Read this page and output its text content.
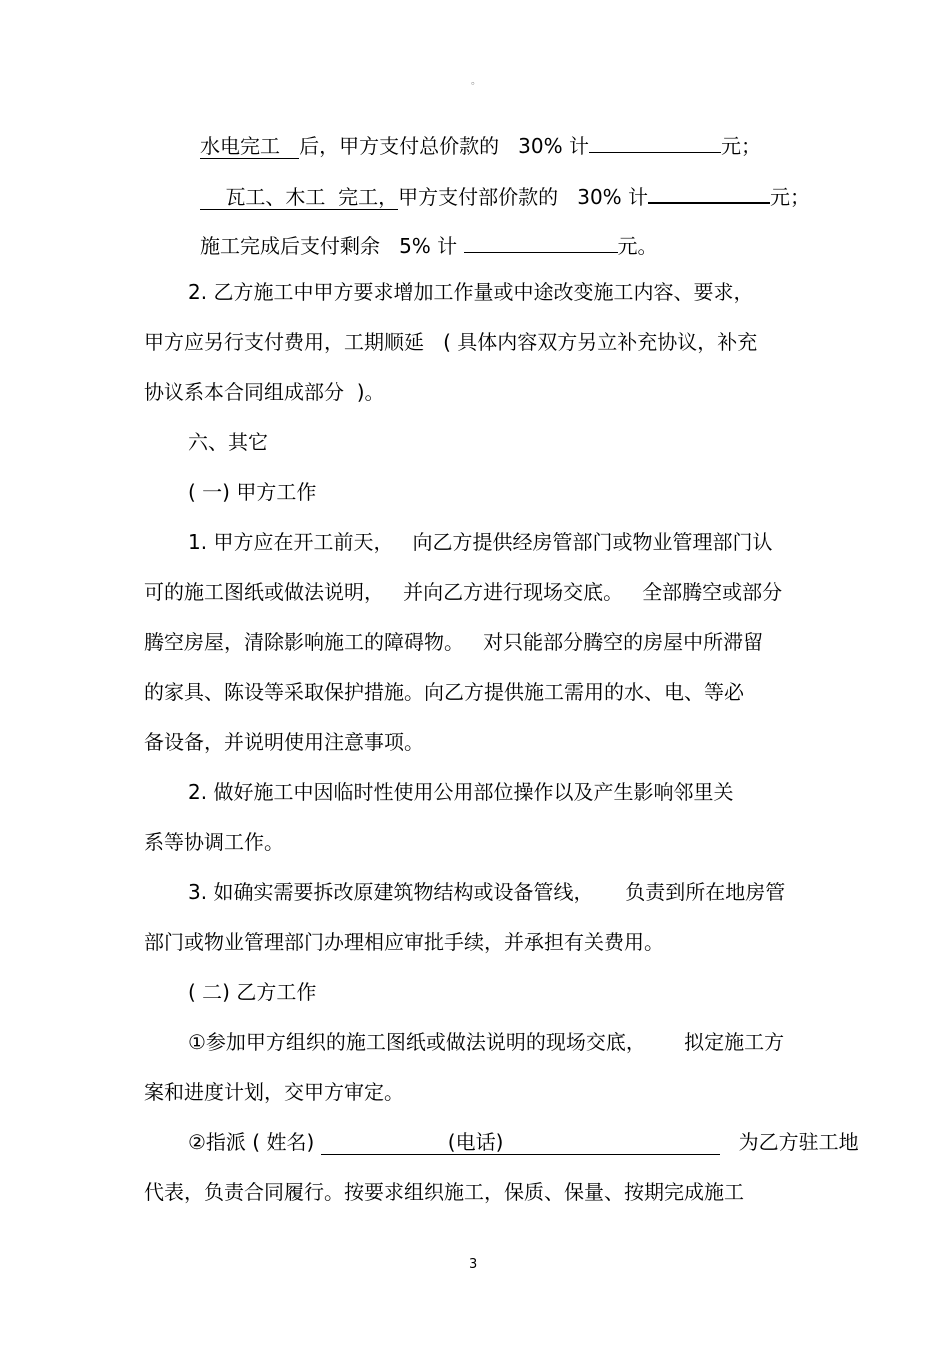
。
水电完工 后，甲方支付总价款的 30% 计	元；
瓦工、木工 完工，甲方支付部价款的 30% 计	元；
施工完成后支付剩余 5% 计	元。
2. 乙方施工中甲方要求增加工作量或中途改变施工内容、要求，
甲方应另行支付费用，工期顺延 ( 具体内容双方另立补充协议，补充
协议系本合同组成部分 )。
六、其它
( 一) 甲方工作
1. 甲方应在开工前天， 向乙方提供经房管部门或物业管理部门认
可的施工图纸或做法说明， 并向乙方进行现场交底。 全部腾空或部分
腾空房屋，清除影响施工的障碍物。 对只能部分腾空的房屋中所滞留
的家具、陈设等采取保护措施。向乙方提供施工需用的水、电、等必
备设备，并说明使用注意事项。
2. 做好施工中因临时性使用公用部位操作以及产生影响邻里关
系等协调工作。
3. 如确实需要拆改原建筑物结构或设备管线， 负责到所在地房管
部门或物业管理部门办理相应审批手续，并承担有关费用。
( 二) 乙方工作
①参加甲方组织的施工图纸或做法说明的现场交底， 拟定施工方
案和进度计划，交甲方审定。
②指派 ( 姓名)	(电话)	为乙方驻工地
代表，负责合同履行。按要求组织施工，保质、保量、按期完成施工
3
